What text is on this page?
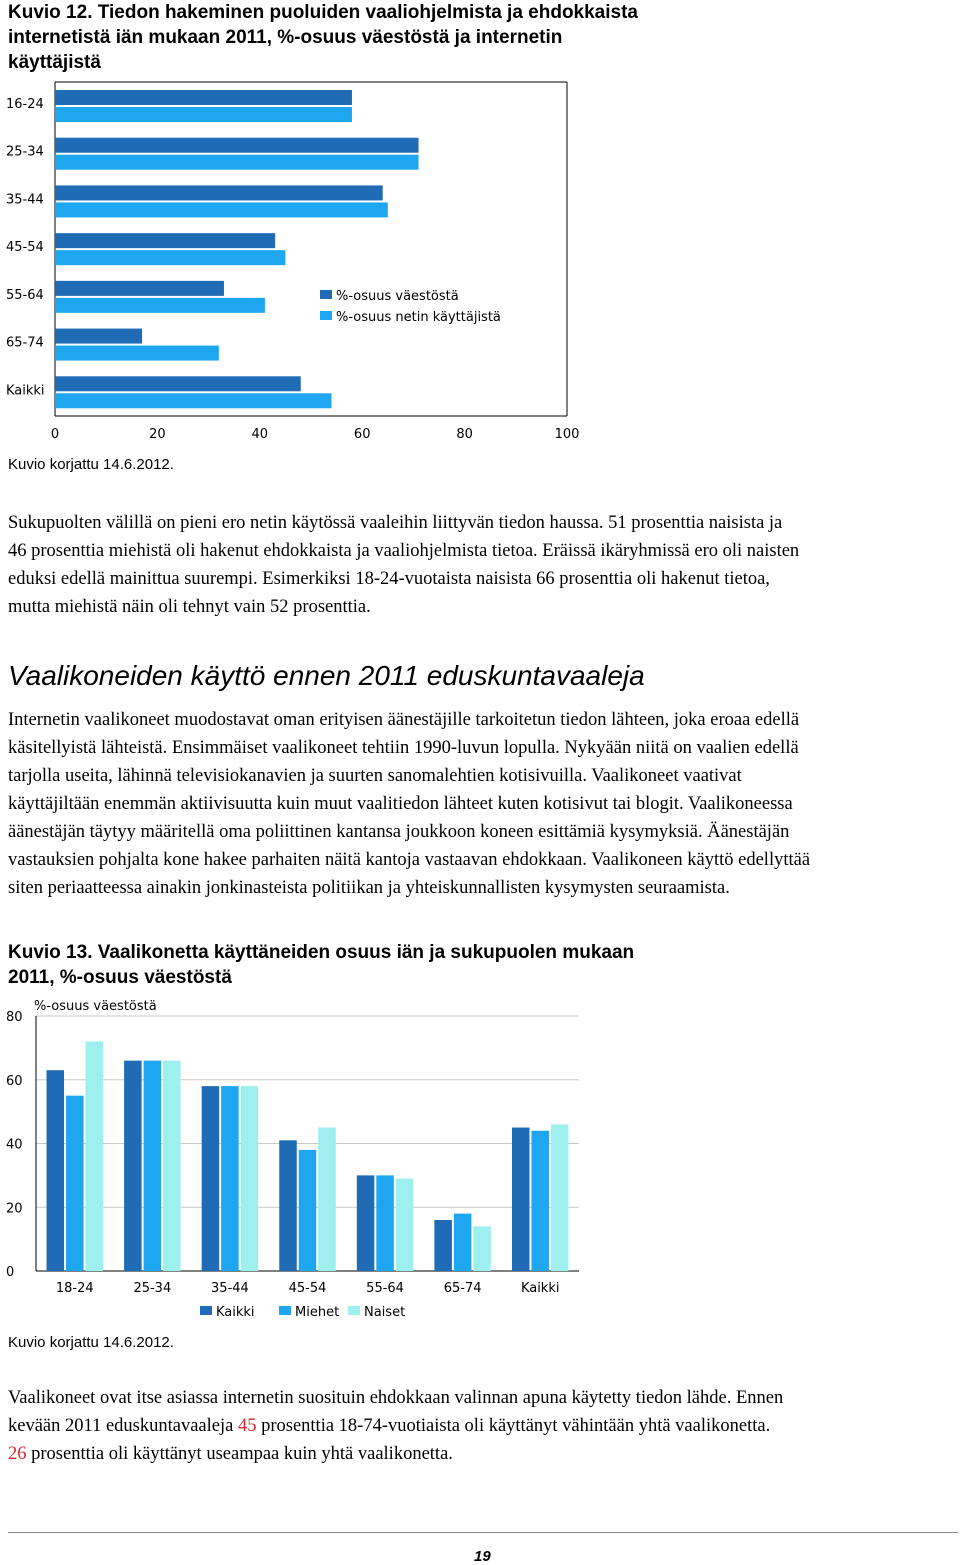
Kuvio 12. Tiedon hakeminen puoluiden vaaliohjelmista ja ehdokkaista
internetistä iän mukaan 2011, %-osuus väestöstä ja internetin
käyttäjistä
16-24
25-34
35-44
45-54
55-64
65-74
Kaikki
0	20	40	60	80	100
%-osuus väestöstä
%-osuus netin käyttäjistä
Kuvio korjattu 14.6.2012.
Sukupuolten välillä on pieni ero netin käytössä vaaleihin liittyvän tiedon haussa. 51 prosenttia naisista ja
46 prosenttia miehistä oli hakenut ehdokkaista ja vaaliohjelmista tietoa. Eräissä ikäryhmissä ero oli naisten
eduksi edellä mainittua suurempi. Esimerkiksi 18-24-vuotaista naisista 66 prosenttia oli hakenut tietoa,
mutta miehistä näin oli tehnyt vain 52 prosenttia.
Vaalikoneiden käyttö ennen 2011 eduskuntavaaleja
Internetin vaalikoneet muodostavat oman erityisen äänestäjille tarkoitetun tiedon lähteen, joka eroaa edellä
käsitellyistä lähteistä. Ensimmäiset vaalikoneet tehtiin 1990-luvun lopulla. Nykyään niitä on vaalien edellä
tarjolla useita, lähinnä televisiokanavien ja suurten sanomalehtien kotisivuilla. Vaalikoneet vaativat
käyttäjiltään enemmän aktiivisuutta kuin muut vaalitiedon lähteet kuten kotisivut tai blogit. Vaalikoneessa
äänestäjän täytyy määritellä oma poliittinen kantansa joukkoon koneen esittämiä kysymyksiä. Äänestäjän
vastauksien pohjalta kone hakee parhaiten näitä kantoja vastaavan ehdokkaan. Vaalikoneen käyttö edellyttää
siten periaatteessa ainakin jonkinasteista politiikan ja yhteiskunnallisten kysymysten seuraamista.
Kuvio 13. Vaalikonetta käyttäneiden osuus iän ja sukupuolen mukaan
2011, %-osuus väestöstä
%-osuus väestöstä
0
20
40
60
80
18-24	25-34	35-44	45-54	55-64	65-74	Kaikki
Kaikki	Miehet Naiset
Kuvio korjattu 14.6.2012.
Vaalikoneet ovat itse asiassa internetin suosituin ehdokkaan valinnan apuna käytetty tiedon lähde. Ennen
kevään 2011 eduskuntavaaleja 45 prosenttia 18-74-vuotiaista oli käyttänyt vähintään yhtä vaalikonetta.
26 prosenttia oli käyttänyt useampaa kuin yhtä vaalikonetta.
19
